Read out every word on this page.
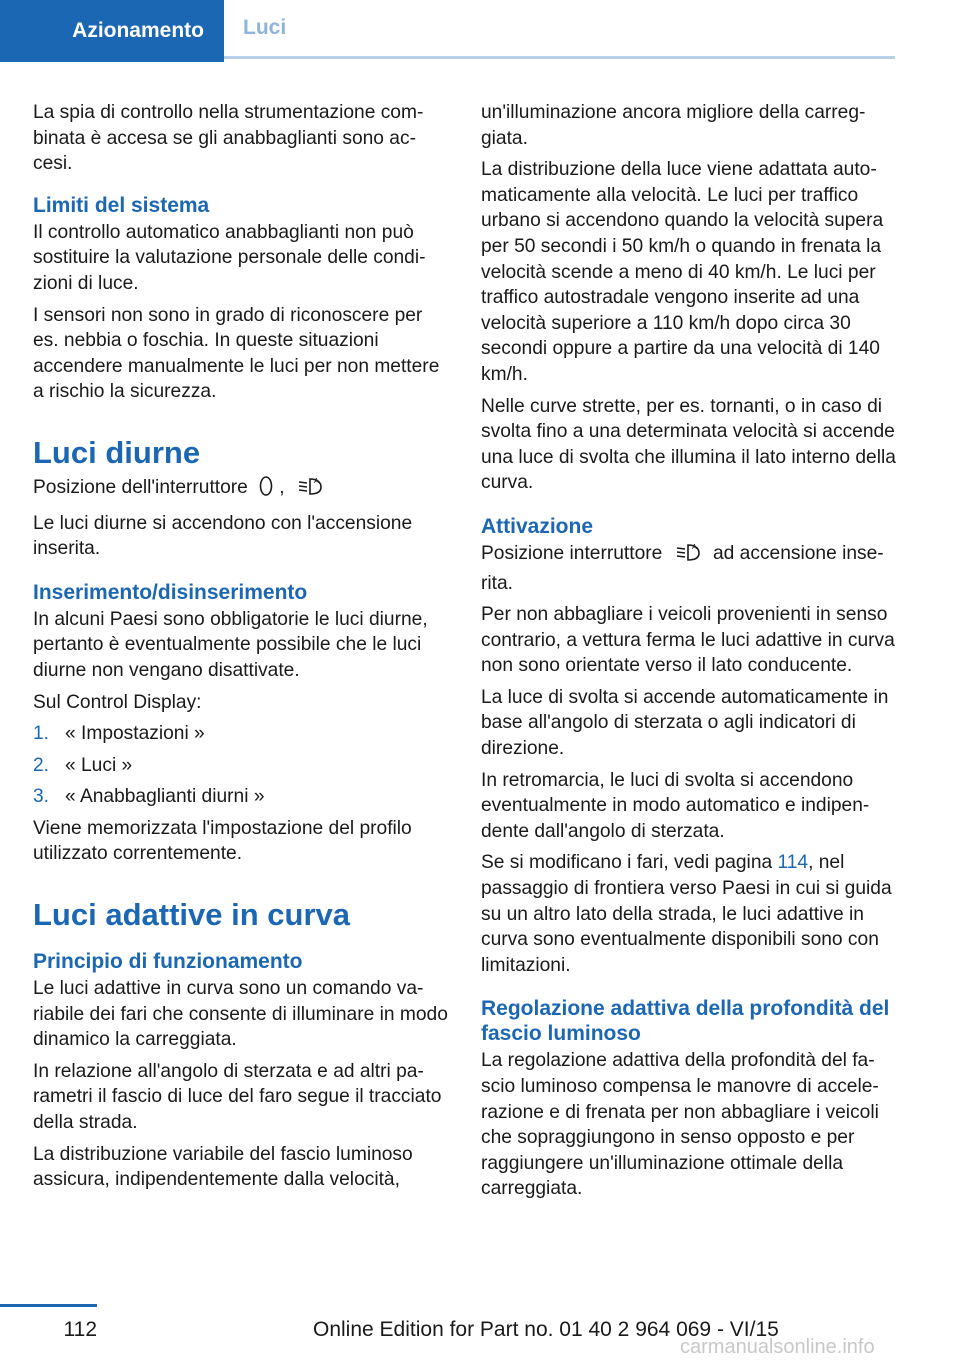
Azionamento	Luci

La spia di controllo nella strumentazione combinata è accesa se gli anabbaglianti sono accesi.

Limiti del sistema

Il controllo automatico anabbaglianti non può sostituire la valutazione personale delle condizioni di luce.

I sensori non sono in grado di riconoscere per es. nebbia o foschia. In queste situazioni accendere manualmente le luci per non mettere a rischio la sicurezza.

Luci diurne

Posizione dell'interruttore ,	A

Le luci diurne si accendono con l'accensione inserita.

Inserimento/disinserimento

In alcuni Paesi sono obbligatorie le luci diurne, pertanto è eventualmente possibile che le luci diurne non vengano disattivate.

Sul Control Display:

1. « Impostazioni »
2. « Luci »
3. « Anabbaglianti diurni »

Viene memorizzata l'impostazione del profilo utilizzato correntemente.

Luci adattive in curva
Principio di funzionamento

Le luci adattive in curva sono un comando variabile dei fari che consente di illuminare in modo dinamico la carreggiata.

In relazione all'angolo di sterzata e ad altri parametri il fascio di luce del faro segue il tracciato della strada.

La distribuzione variabile del fascio luminoso assicura, indipendentemente dalla velocità,

un'illuminazione ancora migliore della carreggiata.

La distribuzione della luce viene adattata automaticamente alla velocità. Le luci per traffico urbano si accendono quando la velocità supera per 50 secondi i 50 km/h o quando in frenata la velocità scende a meno di 40 km/h. Le luci per traffico autostradale vengono inserite ad una velocità superiore a 110 km/h dopo circa 30 secondi oppure a partire da una velocità di 140 km/h.

Nelle curve strette, per es. tornanti, o in caso di svolta fino a una determinata velocità si accende una luce di svolta che illumina il lato interno della curva.

Attivazione

Posizione interruttore	A ad accensione inserita.

Per non abbagliare i veicoli provenienti in senso contrario, a vettura ferma le luci adattive in curva non sono orientate verso il lato conducente.

La luce di svolta si accende automaticamente in base all'angolo di sterzata o agli indicatori di direzione.

In retromarcia, le luci di svolta si accendono eventualmente in modo automatico e indipendente dall'angolo di sterzata.

Se si modificano i fari, vedi pagina 114, nel passaggio di frontiera verso Paesi in cui si guida su un altro lato della strada, le luci adattive in curva sono eventualmente disponibili sono con limitazioni.

Regolazione adattiva della profondità del fascio luminoso

La regolazione adattiva della profondità del fascio luminoso compensa le manovre di accelerazione e di frenata per non abbagliare i veicoli che sopraggiungono in senso opposto e per raggiungere un'illuminazione ottimale della carreggiata.

112	Online Edition for Part no. 01 40 2 964 069 - VI/15
carmanualsonline.info
